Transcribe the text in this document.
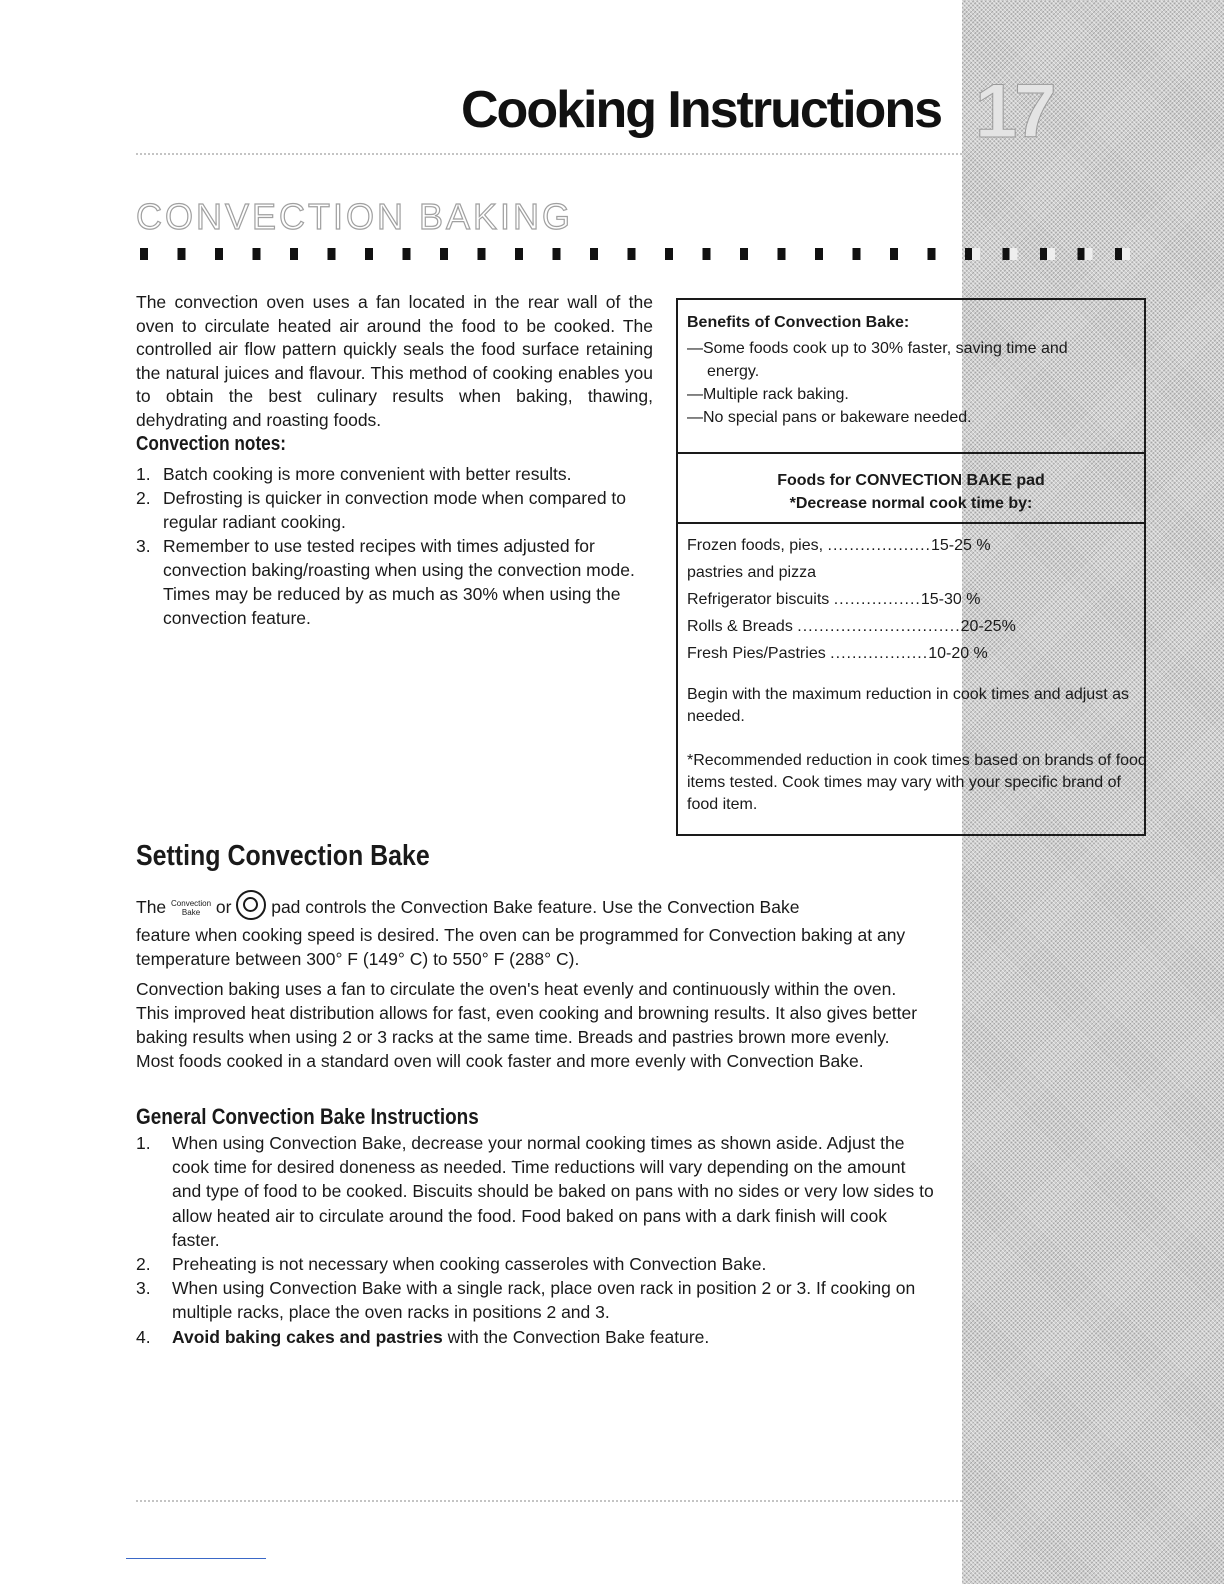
Cooking Instructions 17
CONVECTION BAKING

The convection oven uses a fan located in the rear wall of the oven to circulate heated air around the food to be cooked. The controlled air flow pattern quickly seals the food surface retaining the natural juices and flavour. This method of cooking enables you to obtain the best culinary results when baking, thawing, dehydrating and roasting foods.

Convection notes:
1. Batch cooking is more convenient with better results.
2. Defrosting is quicker in convection mode when compared to regular radiant cooking.
3. Remember to use tested recipes with times adjusted for convection baking/roasting when using the convection mode. Times may be reduced by as much as 30% when using the convection feature.
Benefits of Convection Bake:
—Some foods cook up to 30% faster, saving time and
energy.
—Multiple rack baking.
—No special pans or bakeware needed.
Foods for CONVECTION BAKE pad
*Decrease normal cook time by:
Frozen foods, pies, ...................15-25 %
pastries and pizza
Refrigerator biscuits ................15-30 %
Rolls & Breads ..............................20-25%
Fresh Pies/Pastries ..................10-20 %
Begin with the maximum reduction in cook times and adjust as needed.
*Recommended reduction in cook times based on brands of food items tested. Cook times may vary with your specific brand of food item.
Setting Convection Bake

The Convection
Bake or pad controls the Convection Bake feature. Use the Convection Bake

feature when cooking speed is desired. The oven can be programmed for Convection baking at any temperature between 300° F (149° C) to 550° F (288° C).

Convection baking uses a fan to circulate the oven's heat evenly and continuously within the oven. This improved heat distribution allows for fast, even cooking and browning results. It also gives better baking results when using 2 or 3 racks at the same time. Breads and pastries brown more evenly. Most foods cooked in a standard oven will cook faster and more evenly with Convection Bake.

General Convection Bake Instructions
1. When using Convection Bake, decrease your normal cooking times as shown aside. Adjust the cook time for desired doneness as needed. Time reductions will vary depending on the amount and type of food to be cooked. Biscuits should be baked on pans with no sides or very low sides to allow heated air to circulate around the food. Food baked on pans with a dark finish will cook faster.
2. Preheating is not necessary when cooking casseroles with Convection Bake.
3. When using Convection Bake with a single rack, place oven rack in position 2 or 3. If cooking on multiple racks, place the oven racks in positions 2 and 3.
4. Avoid baking cakes and pastries with the Convection Bake feature.
